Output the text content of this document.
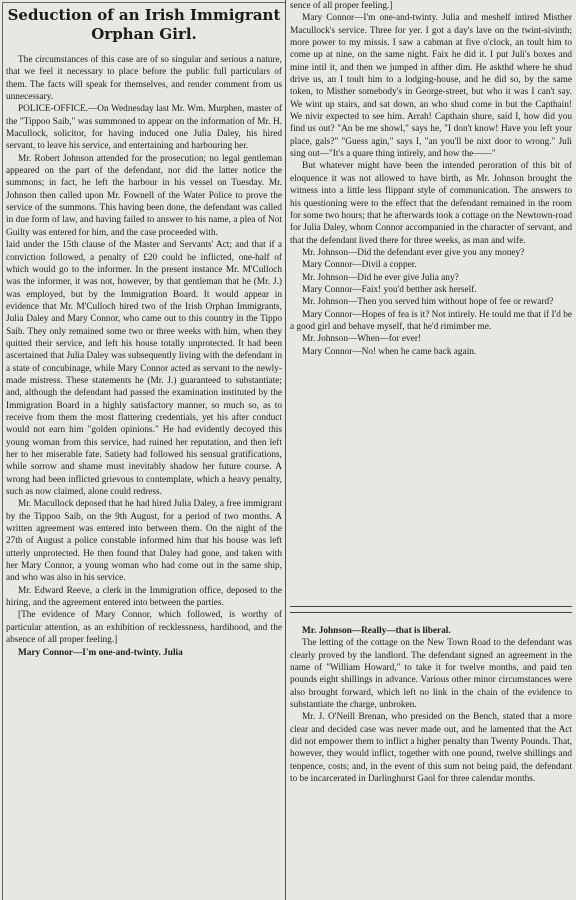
Seduction of an Irish Immigrant Orphan Girl.

The circumstances of this case are of so singular and serious a nature, that we feel it necessary to place before the public full particulars of them. The facts will speak for themselves, and render comment from us unnecessary.

POLICE-OFFICE.—On Wednesday last Mr. Wm. Murphen, master of the "Tippoo Saib," was summoned to appear on the information of Mr. H. Macullock, solicitor, for having induced one Julia Daley, his hired servant, to leave his service, and entertaining and harbouring her.

Mr. Robert Johnson attended for the prosecution; no legal gentleman appeared on the part of the defendant, nor did the latter notice the summons; in fact, he left the harbour in his vessel on Tuesday. Mr. Johnson then called upon Mr. Fownell of the Water Police to prove the service of the summons. This having been done, the defendant was called in due form of law, and having failed to answer to his name, a plea of Not Guilty was entered for him, and the case proceeded with.

laid under the 15th clause of the Master and Servants' Act; and that if a conviction followed, a penalty of £20 could be inflicted, one-half of which would go to the informer. In the present instance Mr. M'Culloch was the informer, it was not, however, by that gentleman that he (Mr. J.) was employed, but by the Immigration Board. It would appear in evidence that Mr. M'Culloch hired two of the Irish Orphan Immigrants, Julia Daley and Mary Connor, who came out to this country in the Tippo Saib. They only remained some two or three weeks with him, when they quitted their service, and left his house totally unprotected. It had been ascertained that Julia Daley was subsequently living with the defendant in a state of concubinage, while Mary Connor acted as servant to the newly-made mistress. These statements he (Mr. J.) guaranteed to substantiate; and, although the defendant had passed the examination instituted by the Immigration Board in a highly satisfactory manner, so much so, as to receive from them the most flattering credentials, yet his after conduct would not earn him "golden opinions." He had evidently decoyed this young woman from this service, had ruined her reputation, and then left her to her miserable fate. Satiety had followed his sensual gratifications, while sorrow and shame must inevitably shadow her future course. A wrong had been inflicted grievous to contemplate, which a heavy penalty, such as now claimed, alone could redress.

Mr. Macullock deposed that he had hired Julia Daley, a free immigrant by the Tippoo Saib, on the 9th August, for a period of two months. A written agreement was entered into between them. On the night of the 27th of August a police constable informed him that his house was left utterly unprotected. He then found that Daley had gone, and taken with her Mary Connor, a young woman who had come out in the same ship, and who was also in his service.

Mr. Edward Reeve, a clerk in the Immigration office, deposed to the hiring, and the agreement entered into between the parties.

[The evidence of Mary Connor, which followed, is worthy of particular attention, as an exhibition of recklessness, hardihood, and the absence of all proper feeling.]

Mary Connor—I'm one-and-twinty. Julia

sence of all proper feeling.]

Mary Connor—I'm one-and-twinty. Julia and meshelf intired Misther Macullock's service. Three for yer. I got a day's lave on the twint-sivinth; more power to my missis. I saw a cabman at five o'clock, an toult him to come up at nine, on the same night. Faix he did it. I put Juli's boxes and mine intil it, and then we jumped in afther dim. He askthd where he shud drive us, an I toult him to a lodging-house, and he did so, by the same token, to Misther somebody's in George-street, but who it was I can't say. We wint up stairs, and sat down, an who shud come in but the Capthain! We nivir expected to see him. Arrah! Capthain shure, said I, how did you find us out? "An be me showl," says he, "I don't know! Have you left your place, gals?" "Guess agin," says I, "an you'll be nixt door to wrong." Juli sing out—"It's a quare thing intirely, and how the——"

But whatever might have been the intended peroration of this bit of eloquence it was not allowed to have birth, as Mr. Johnson brought the witness into a little less flippant style of communication. The answers to his questioning were to the effect that the defendant remained in the room for some two hours; that he afterwards took a cottage on the Newtown-road for Julia Daley, whom Connor accompanied in the character of servant, and that the defendant lived there for three weeks, as man and wife.

Mr. Johnson—Did the defendant ever give you any money?

Mary Connor—Divil a copper.

Mr. Johnson—Did he ever give Julia any?

Mary Connor—Faix! you'd betther ask herself.

Mr. Johnson—Then you served him without hope of fee or reward?

Mary Connor—Hopes of fea is it? Not intirely. He tould me that if I'd be a good girl and behave myself, that he'd rimimber me.

Mr. Johnson—When—for ever!

Mary Connor—No! when he came back again.

Mr. Johnson—Really—that is liberal.

The letting of the cottage on the New Town Road to the defendant was clearly proved by the landlord. The defendant signed an agreement in the name of "William Howard," to take it for twelve months, and paid ten pounds eight shillings in advance. Various other minor circumstances were also brought forward, which left no link in the chain of the evidence to substantiate the charge, unbroken.

Mr. J. O'Neill Brenan, who presided on the Bench, stated that a more clear and decided case was never made out, and he lamented that the Act did not empower them to inflict a higher penalty than Twenty Pounds. That, however, they would inflict, together with one pound, twelve shillings and tenpence, costs; and, in the event of this sum not being paid, the defendant to be incarcerated in Darlinghurst Gaol for three calendar months.
